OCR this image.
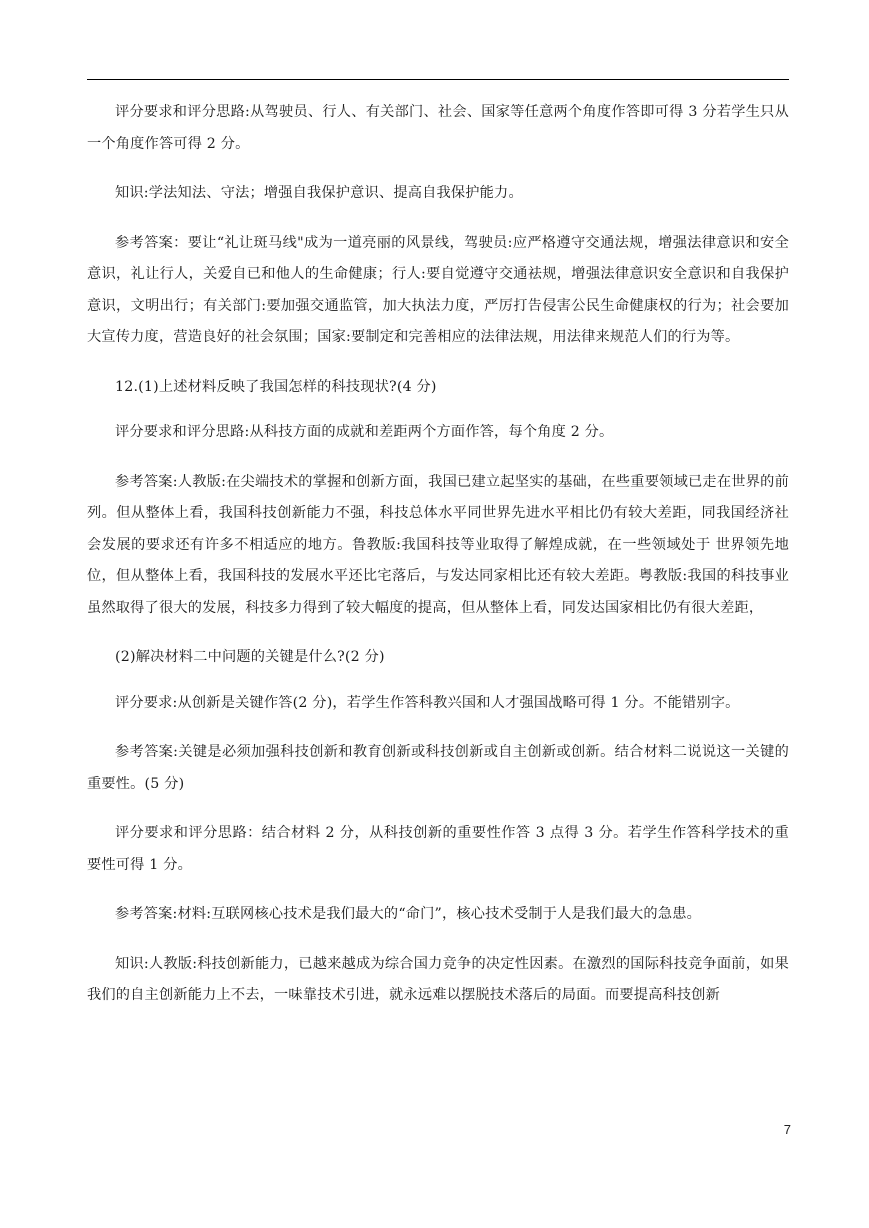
评分要求和评分思路:从驾驶员、行人、有关部门、社会、国家等任意两个角度作答即可得 3 分若学生只从一个角度作答可得 2 分。

知识:学法知法、守法；增强自我保护意识、提高自我保护能力。

参考答案：要让“礼让斑马线"成为一道亮丽的风景线，驾驶员:应严格遵守交通法规，增强法律意识和安全意识，礼让行人，关爱自已和他人的生命健康；行人:要自觉遵守交通祛规，增强法律意识安全意识和自我保护意识，文明出行；有关部门:要加强交通监管，加大执法力度，严厉打告侵害公民生命健康权的行为；社会要加大宣传力度，营造良好的社会氛围；国家:要制定和完善相应的法律法规，用法律来规范人们的行为等。

12.(1)上述材料反映了我国怎样的科技现状?(4 分)

评分要求和评分思路:从科技方面的成就和差距两个方面作答，每个角度 2 分。

参考答案:人教版:在尖端技术的掌握和创新方面，我国已建立起坚实的基础，在些重要领域已走在世界的前列。但从整体上看，我国科技创新能力不强，科技总体水平同世界先进水平相比仍有较大差距，同我国经济社会发展的要求还有许多不相适应的地方。鲁教版:我国科技等业取得了解煌成就，在一些领域处于 世界领先地位，但从整体上看，我国科技的发展水平还比宅落后，与发达同家相比还有较大差距。粤教版:我国的科技事业虽然取得了很大的发展，科技多力得到了较大幅度的提高，但从整体上看，同发达国家相比仍有很大差距，

(2)解决材料二中问题的关键是什么?(2 分)

评分要求:从创新是关键作答(2 分)，若学生作答科教兴国和人才强国战略可得 1 分。不能错别字。

参考答案:关键是必须加强科技创新和教育创新或科技创新或自主创新或创新。结合材料二说说这一关键的重要性。(5 分)

评分要求和评分思路：结合材料 2 分，从科技创新的重要性作答 3 点得 3 分。若学生作答科学技术的重要性可得 1 分。

参考答案:材料:互联网核心技术是我们最大的“命门”，核心技术受制于人是我们最大的急患。

知识:人教版:科技创新能力，已越来越成为综合国力竞争的决定性因素。在激烈的国际科技竞争面前，如果我们的自主创新能力上不去，一味靠技术引进，就永远难以摆脱技术落后的局面。而要提高科技创新

7
